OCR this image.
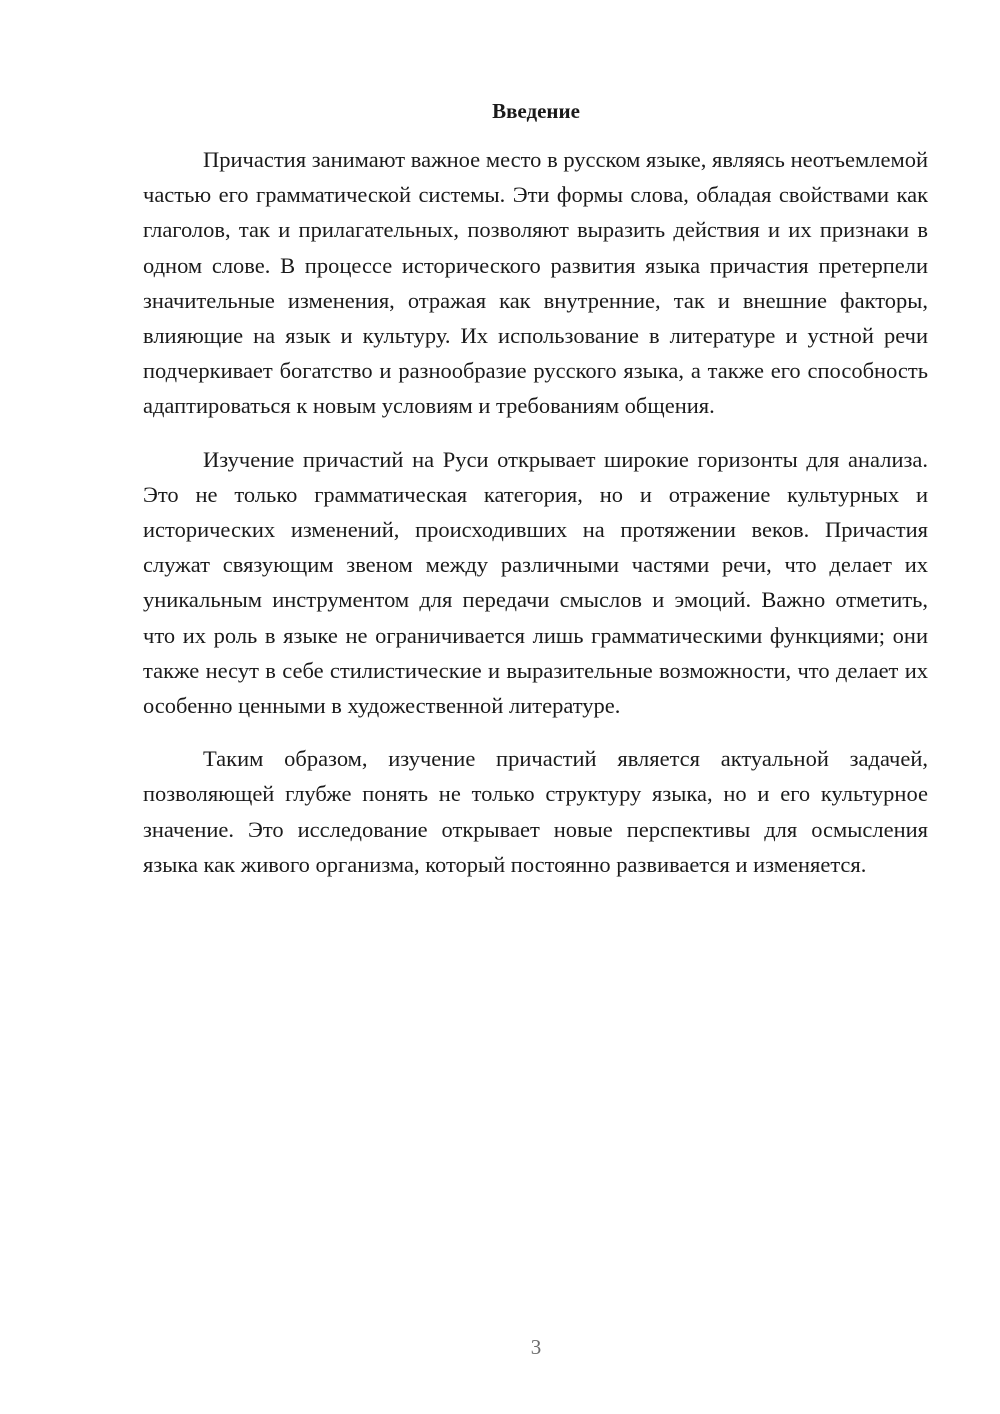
Введение

Причастия занимают важное место в русском языке, являясь неотъемлемой частью его грамматической системы. Эти формы слова, обладая свойствами как глаголов, так и прилагательных, позволяют выразить действия и их признаки в одном слове. В процессе исторического развития языка причастия претерпели значительные изменения, отражая как внутренние, так и внешние факторы, влияющие на язык и культуру. Их использование в литературе и устной речи подчеркивает богатство и разнообразие русского языка, а также его способность адаптироваться к новым условиям и требованиям общения.

Изучение причастий на Руси открывает широкие горизонты для анализа. Это не только грамматическая категория, но и отражение культурных и исторических изменений, происходивших на протяжении веков. Причастия служат связующим звеном между различными частями речи, что делает их уникальным инструментом для передачи смыслов и эмоций. Важно отметить, что их роль в языке не ограничивается лишь грамматическими функциями; они также несут в себе стилистические и выразительные возможности, что делает их особенно ценными в художественной литературе.

Таким образом, изучение причастий является актуальной задачей, позволяющей глубже понять не только структуру языка, но и его культурное значение. Это исследование открывает новые перспективы для осмысления языка как живого организма, который постоянно развивается и изменяется.

3
